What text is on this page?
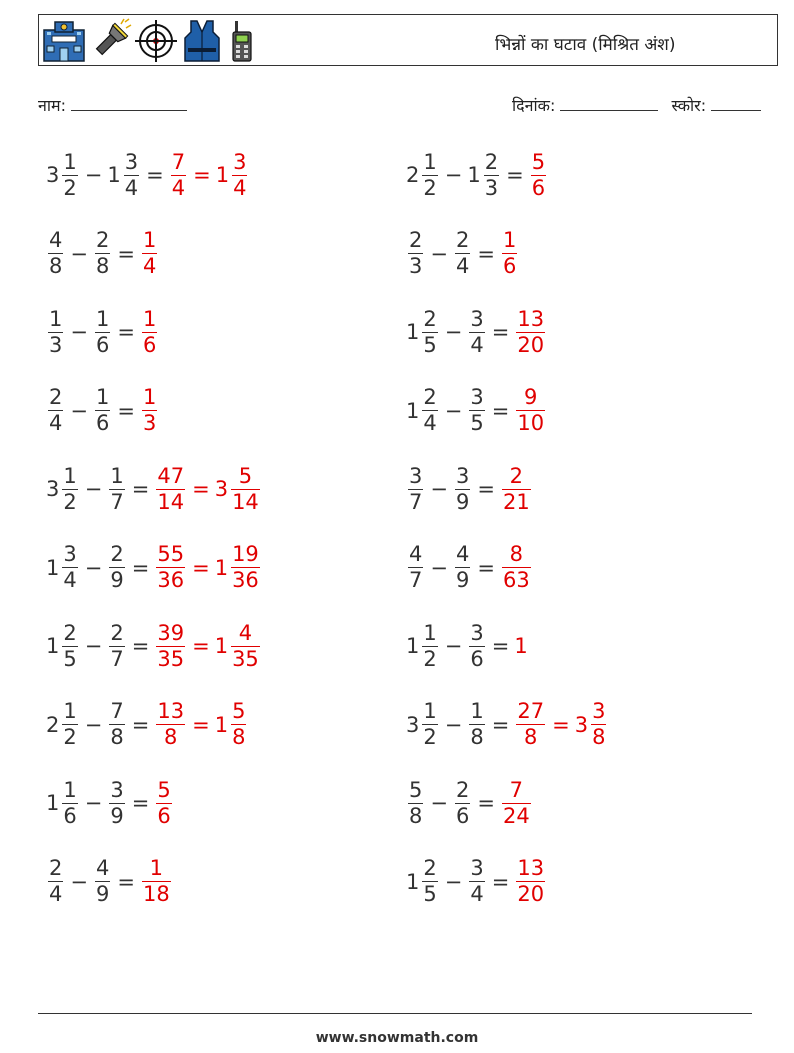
भिन्नों का घटाव (मिश्रित अंश)
नाम:	दिनांक:	स्कोर:
$3 \frac{1}{2} - 1 \frac{3}{4} = \frac{7}{4} = 1 \frac{3}{4}$	$2 \frac{1}{2} - 1 \frac{2}{3} = \frac{5}{6}$
$\frac{4}{8} - \frac{2}{8} = \frac{1}{4}$	$\frac{2}{3} - \frac{2}{4} = \frac{1}{6}$
$\frac{1}{3} - \frac{1}{6} = \frac{1}{6}$	$1 \frac{2}{5} - \frac{3}{4} = \frac{13}{20}$
$\frac{2}{4} - \frac{1}{6} = \frac{1}{3}$	$1 \frac{2}{4} - \frac{3}{5} = \frac{9}{10}$
$3 \frac{1}{2} - \frac{1}{7} = \frac{47}{14} = 3 \frac{5}{14}$	$\frac{3}{7} - \frac{3}{9} = \frac{2}{21}$
$1 \frac{3}{4} - \frac{2}{9} = \frac{55}{36} = 1 \frac{19}{36}$	$\frac{4}{7} - \frac{4}{9} = \frac{8}{63}$
$1 \frac{2}{5} - \frac{2}{7} = \frac{39}{35} = 1 \frac{4}{35}$	$1 \frac{1}{2} - \frac{3}{6} = 1$
$2 \frac{1}{2} - \frac{7}{8} = \frac{13}{8} = 1 \frac{5}{8}$	$3 \frac{1}{2} - \frac{1}{8} = \frac{27}{8} = 3 \frac{3}{8}$
$1 \frac{1}{6} - \frac{3}{9} = \frac{5}{6}$	$\frac{5}{8} - \frac{2}{6} = \frac{7}{24}$
$\frac{2}{4} - \frac{4}{9} = \frac{1}{18}$	$1 \frac{2}{5} - \frac{3}{4} = \frac{13}{20}$
www.snowmath.com
